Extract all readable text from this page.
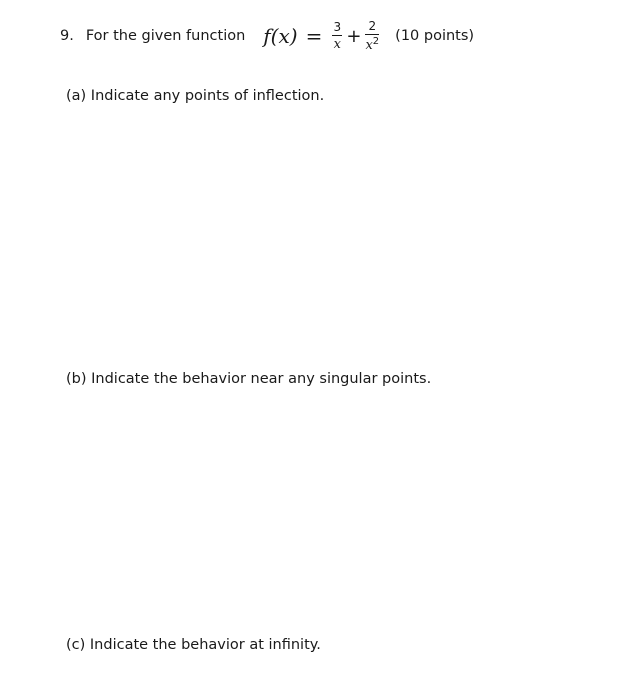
9. For the given function $f(x) = \frac{3}{x} + \frac{2}{x^2} (10$ points)
(a) Indicate any points of inflection.
(b) Indicate the behavior near any singular points.
(c) Indicate the behavior at infinity.
